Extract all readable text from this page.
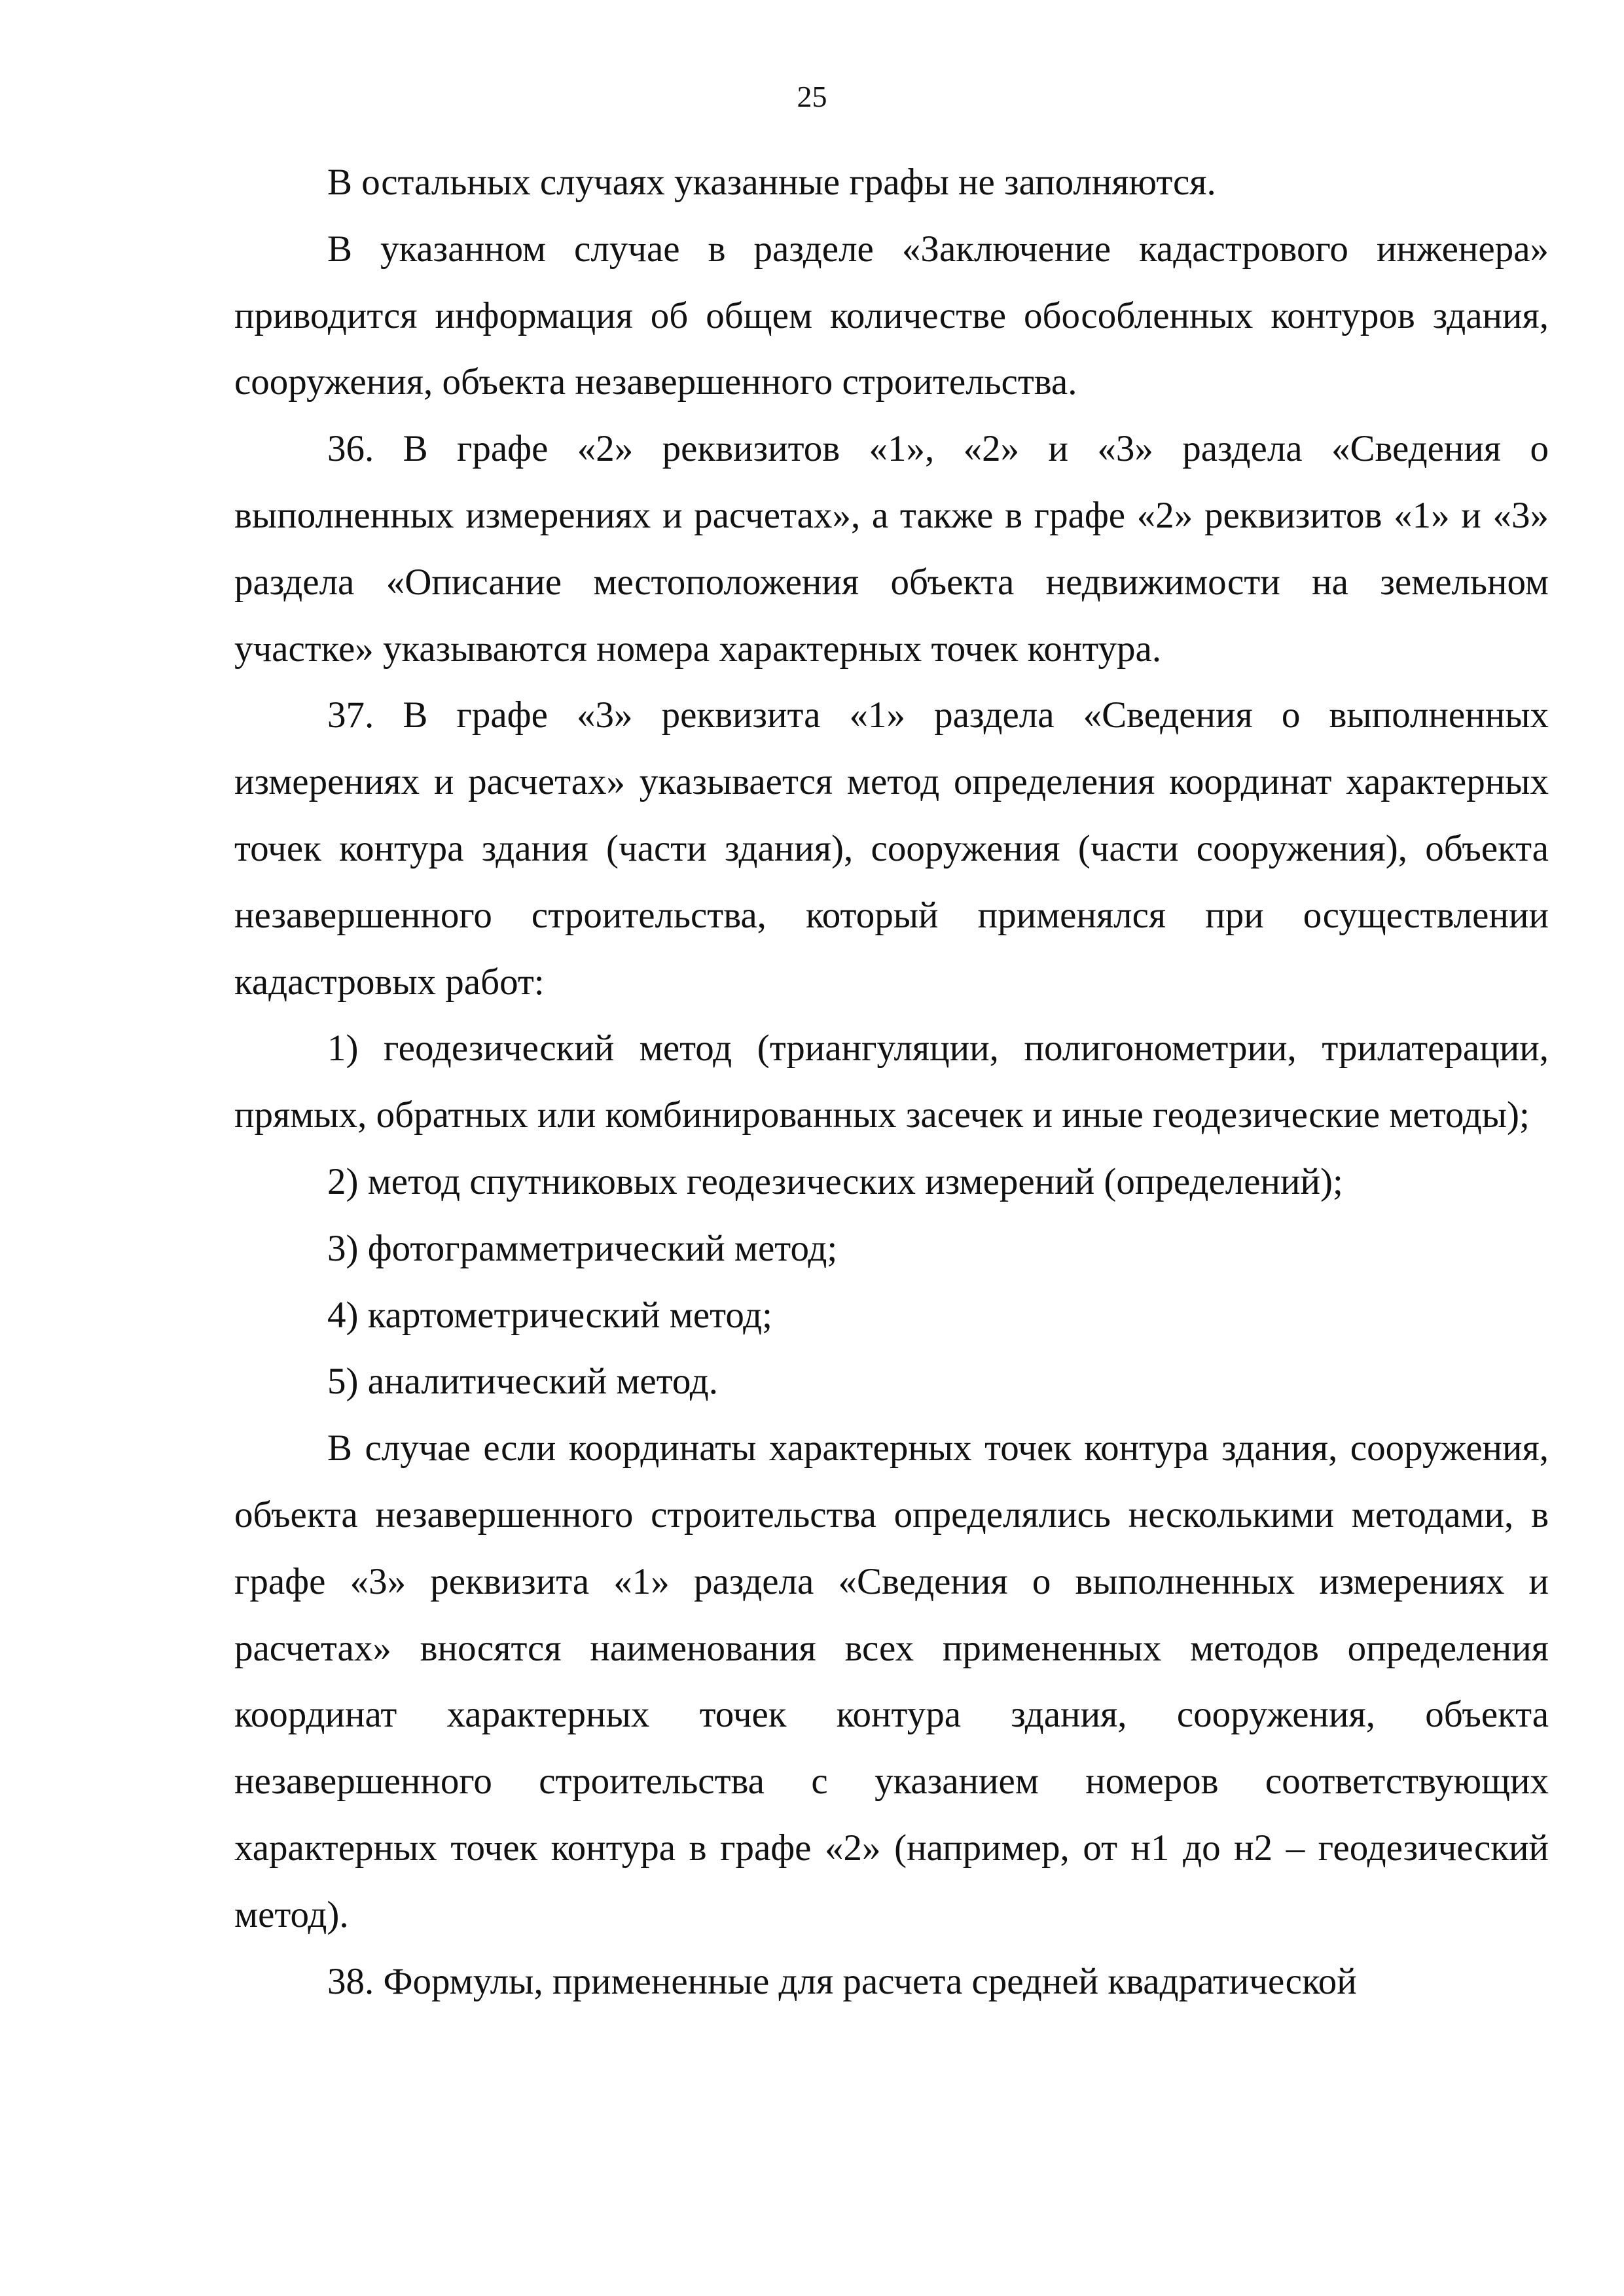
25

В остальных случаях указанные графы не заполняются.

В указанном случае в разделе «Заключение кадастрового инженера» приводится информация об общем количестве обособленных контуров здания, сооружения, объекта незавершенного строительства.

36. В графе «2» реквизитов «1», «2» и «3» раздела «Сведения о выполненных измерениях и расчетах», а также в графе «2» реквизитов «1» и «3» раздела «Описание местоположения объекта недвижимости на земельном участке» указываются номера характерных точек контура.

37. В графе «3» реквизита «1» раздела «Сведения о выполненных измерениях и расчетах» указывается метод определения координат характерных точек контура здания (части здания), сооружения (части сооружения), объекта незавершенного строительства, который применялся при осуществлении кадастровых работ:

1) геодезический метод (триангуляции, полигонометрии, трилатерации, прямых, обратных или комбинированных засечек и иные геодезические методы);

2) метод спутниковых геодезических измерений (определений);

3) фотограмметрический метод;

4) картометрический метод;

5) аналитический метод.

В случае если координаты характерных точек контура здания, сооружения, объекта незавершенного строительства определялись несколькими методами, в графе «3» реквизита «1» раздела «Сведения о выполненных измерениях и расчетах» вносятся наименования всех примененных методов определения координат характерных точек контура здания, сооружения, объекта незавершенного строительства с указанием номеров соответствующих характерных точек контура в графе «2» (например, от н1 до н2 – геодезический метод).

38. Формулы, примененные для расчета средней квадратической
